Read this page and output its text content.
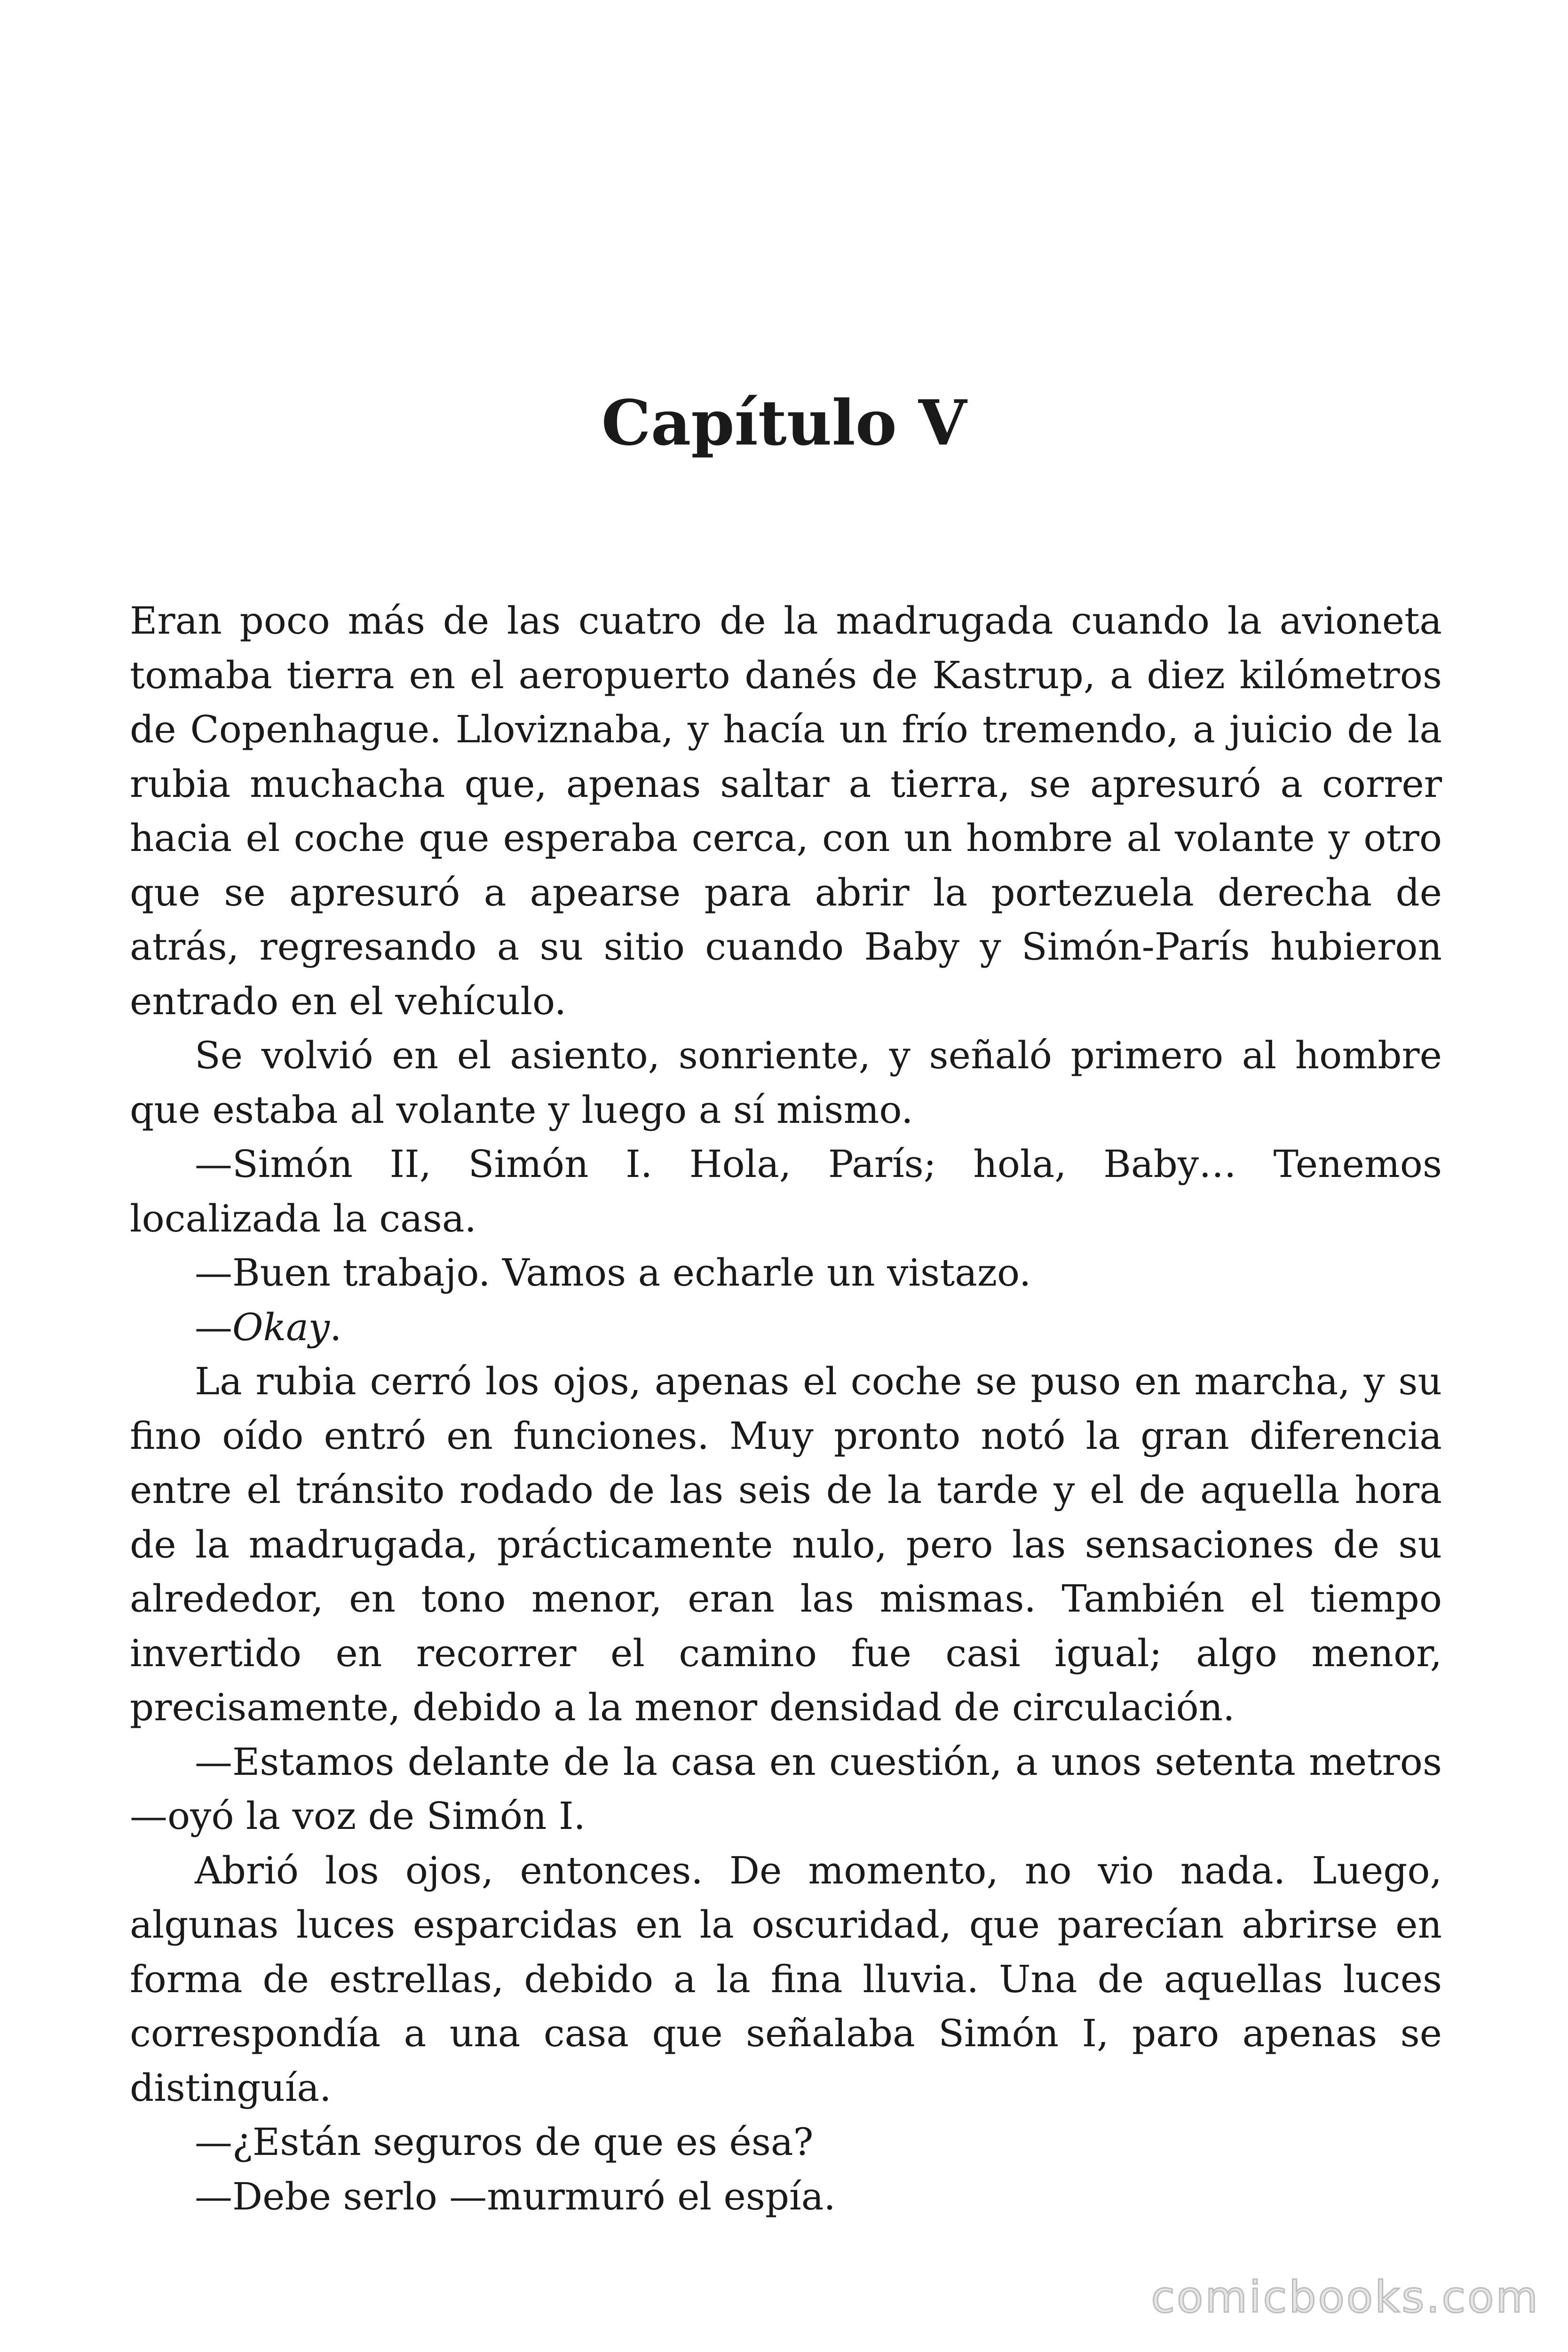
Capítulo V

Eran poco más de las cuatro de la madrugada cuando la avioneta tomaba tierra en el aeropuerto danés de Kastrup, a diez kilómetros de Copenhague. Lloviznaba, y hacía un frío tremendo, a juicio de la rubia muchacha que, apenas saltar a tierra, se apresuró a correr hacia el coche que esperaba cerca, con un hombre al volante y otro que se apresuró a apearse para abrir la portezuela derecha de atrás, regresando a su sitio cuando Baby y Simón-París hubieron entrado en el vehículo.

Se volvió en el asiento, sonriente, y señaló primero al hombre que estaba al volante y luego a sí mismo.

—Simón II, Simón I. Hola, París; hola, Baby… Tenemos localizada la casa.

—Buen trabajo. Vamos a echarle un vistazo.

—Okay.

La rubia cerró los ojos, apenas el coche se puso en marcha, y su fino oído entró en funciones. Muy pronto notó la gran diferencia entre el tránsito rodado de las seis de la tarde y el de aquella hora de la madrugada, prácticamente nulo, pero las sensaciones de su alrededor, en tono menor, eran las mismas. También el tiempo invertido en recorrer el camino fue casi igual; algo menor, precisamente, debido a la menor densidad de circulación.

—Estamos delante de la casa en cuestión, a unos setenta metros —oyó la voz de Simón I.

Abrió los ojos, entonces. De momento, no vio nada. Luego, algunas luces esparcidas en la oscuridad, que parecían abrirse en forma de estrellas, debido a la fina lluvia. Una de aquellas luces correspondía a una casa que señalaba Simón I, paro apenas se distinguía.

—¿Están seguros de que es ésa?

—Debe serlo —murmuró el espía.

comicbooks.com
